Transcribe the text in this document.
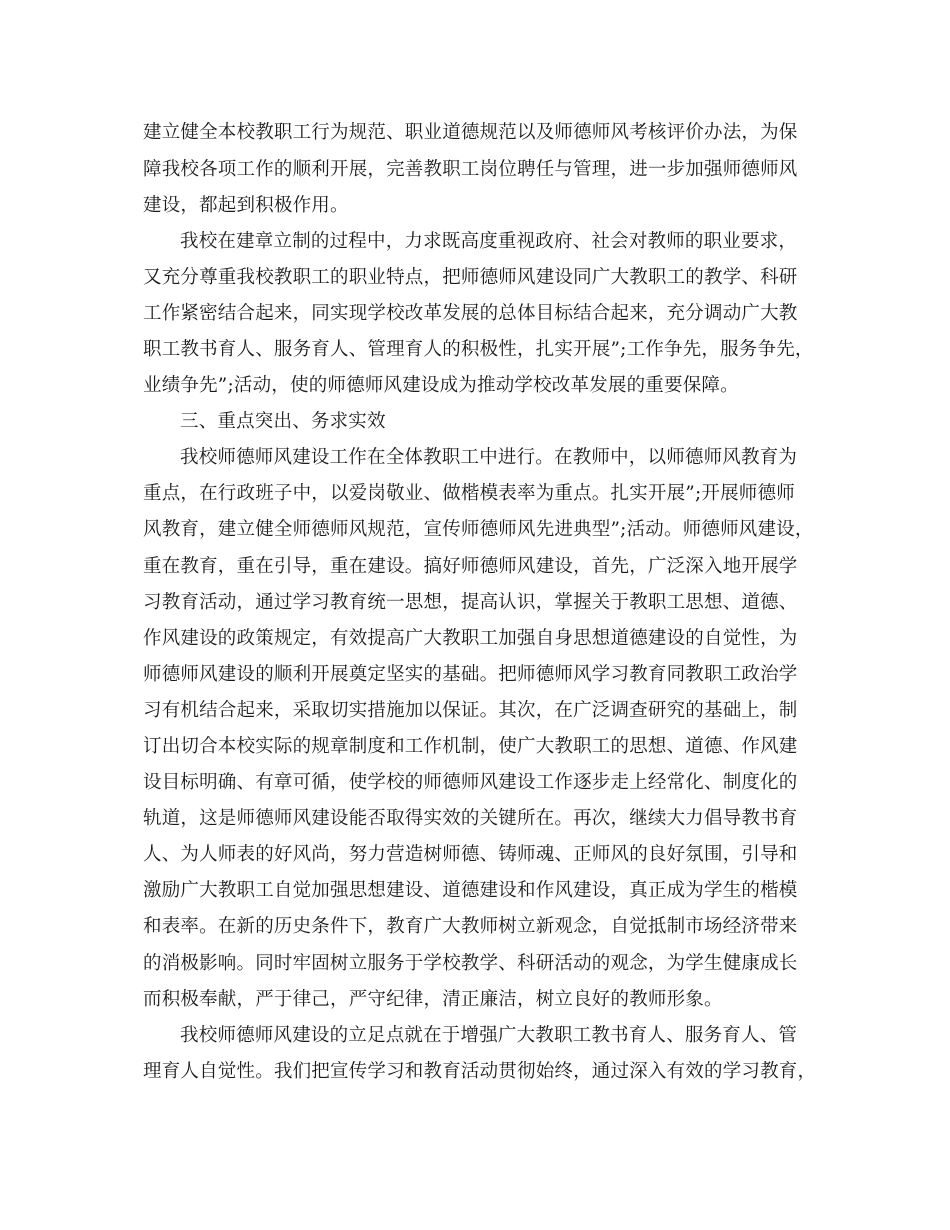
建立健全本校教职工行为规范、职业道德规范以及师德师风考核评价办法，为保
障我校各项工作的顺利开展，完善教职工岗位聘任与管理，进一步加强师德师风
建设，都起到积极作用。
我校在建章立制的过程中，力求既高度重视政府、社会对教师的职业要求，
又充分尊重我校教职工的职业特点，把师德师风建设同广大教职工的教学、科研
工作紧密结合起来，同实现学校改革发展的总体目标结合起来，充分调动广大教
职工教书育人、服务育人、管理育人的积极性，扎实开展”;工作争先，服务争先，
业绩争先”;活动，使的师德师风建设成为推动学校改革发展的重要保障。
三、重点突出、务求实效
我校师德师风建设工作在全体教职工中进行。在教师中，以师德师风教育为
重点，在行政班子中，以爱岗敬业、做楷模表率为重点。扎实开展”;开展师德师
风教育，建立健全师德师风规范，宣传师德师风先进典型”;活动。师德师风建设，
重在教育，重在引导，重在建设。搞好师德师风建设，首先，广泛深入地开展学
习教育活动，通过学习教育统一思想，提高认识，掌握关于教职工思想、道德、
作风建设的政策规定，有效提高广大教职工加强自身思想道德建设的自觉性，为
师德师风建设的顺利开展奠定坚实的基础。把师德师风学习教育同教职工政治学
习有机结合起来，采取切实措施加以保证。其次，在广泛调查研究的基础上，制
订出切合本校实际的规章制度和工作机制，使广大教职工的思想、道德、作风建
设目标明确、有章可循，使学校的师德师风建设工作逐步走上经常化、制度化的
轨道，这是师德师风建设能否取得实效的关键所在。再次，继续大力倡导教书育
人、为人师表的好风尚，努力营造树师德、铸师魂、正师风的良好氛围，引导和
激励广大教职工自觉加强思想建设、道德建设和作风建设，真正成为学生的楷模
和表率。在新的历史条件下，教育广大教师树立新观念，自觉抵制市场经济带来
的消极影响。同时牢固树立服务于学校教学、科研活动的观念，为学生健康成长
而积极奉献，严于律己，严守纪律，清正廉洁，树立良好的教师形象。
我校师德师风建设的立足点就在于增强广大教职工教书育人、服务育人、管
理育人自觉性。我们把宣传学习和教育活动贯彻始终，通过深入有效的学习教育，
